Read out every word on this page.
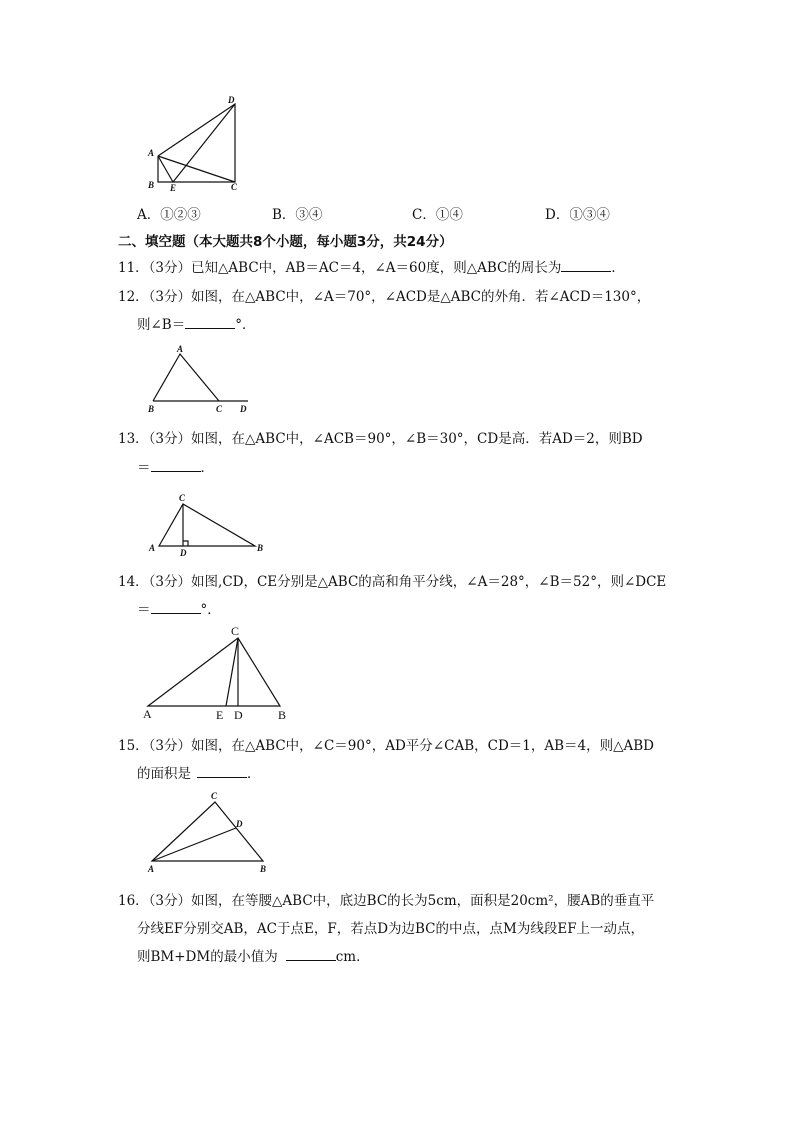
D
A
B E	C
A．①②③	B．③④	C．①④	D．①③④
二、填空题（本大题共8个小题，每小题3分，共24分）
11．（3分）已知△ABC中，AB＝AC＝4，∠A＝60度，则△ABC的周长为	．
12．（3分）如图，在△ABC中，∠A＝70°，∠ACD是△ABC的外角．若∠ACD＝130°，
则∠B＝	°．
A
B	C D
13．（3分）如图，在△ABC中，∠ACB＝90°，∠B＝30°，CD是高．若AD＝2，则BD
＝	．
C
A	D	B
14．（3分）如图,CD，CE分别是△ABC的高和角平分线，∠A＝28°，∠B＝52°，则∠DCE
＝	°．
C
A	E D	B
15．（3分）如图，在△ABC中，∠C＝90°，AD平分∠CAB，CD＝1，AB＝4，则△ABD
的面积是	．
C
D
A	B
16．（3分）如图，在等腰△ABC中，底边BC的长为5cm，面积是20cm²，腰AB的垂直平
分线EF分别交AB，AC于点E，F，若点D为边BC的中点，点M为线段EF上一动点，
则BM+DM的最小值为	cm．
